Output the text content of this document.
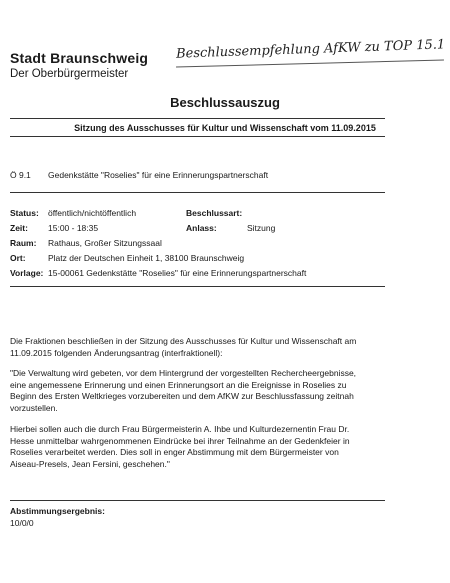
Stadt Braunschweig
Der Oberbürgermeister
Beschlussempfehlung AfKW zu TOP 15.1
Beschlussauszug
Sitzung des Ausschusses für Kultur und Wissenschaft vom 11.09.2015
Ö 9.1 Gedenkstätte "Roselies" für eine Erinnerungspartnerschaft
Status: öffentlich/nichtöffentlich	Beschlussart:
Zeit: 15:00 - 18:35	Anlass:	Sitzung
Raum: Rathaus, Großer Sitzungssaal
Ort:	Platz der Deutschen Einheit 1, 38100 Braunschweig
Vorlage: 15-00061 Gedenkstätte "Roselies" für eine Erinnerungspartnerschaft
Die Fraktionen beschließen in der Sitzung des Ausschusses für Kultur und Wissenschaft am
11.09.2015 folgenden Änderungsantrag (interfraktionell):
"Die Verwaltung wird gebeten, vor dem Hintergrund der vorgestellten Rechercheergebnisse,
eine angemessene Erinnerung und einen Erinnerungsort an die Ereignisse in Roselies zu
Beginn des Ersten Weltkrieges vorzubereiten und dem AfKW zur Beschlussfassung zeitnah
vorzustellen.
Hierbei sollen auch die durch Frau Bürgermeisterin A. Ihbe und Kulturdezernentin Frau Dr.
Hesse unmittelbar wahrgenommenen Eindrücke bei ihrer Teilnahme an der Gedenkfeier in
Roselies verarbeitet werden. Dies soll in enger Abstimmung mit dem Bürgermeister von
Aiseau-Presels, Jean Fersini, geschehen."
Abstimmungsergebnis:
10/0/0
